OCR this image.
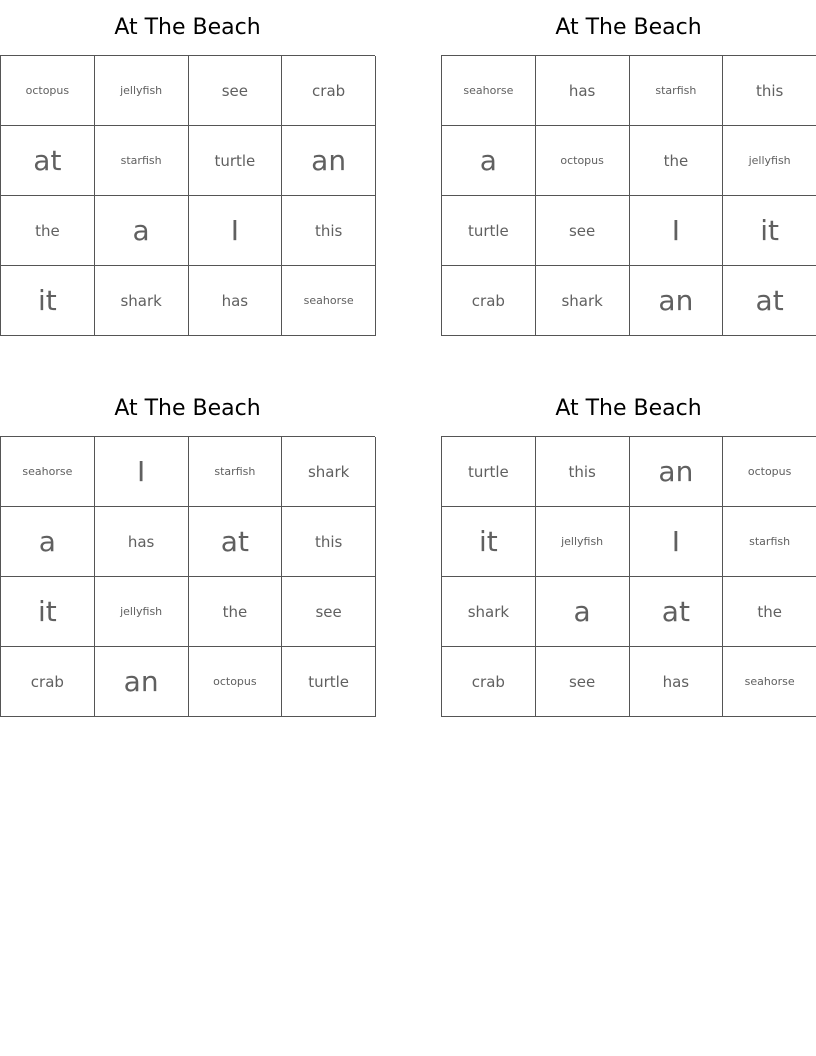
At The Beach
octopus	jellyfish	see	crab
at	starfish	turtle	an
the	a	I	this
it	shark	has	seahorse
At The Beach
seahorse	has	starfish	this
a	octopus	the	jellyfish
turtle	see	I	it
crab	shark	an	at
At The Beach
seahorse	I	starfish	shark
a	has	at	this
it	jellyfish	the	see
crab	an	octopus	turtle
At The Beach
turtle	this	an	octopus
it	jellyfish	I	starfish
shark	a	at	the
crab	see	has	seahorse
